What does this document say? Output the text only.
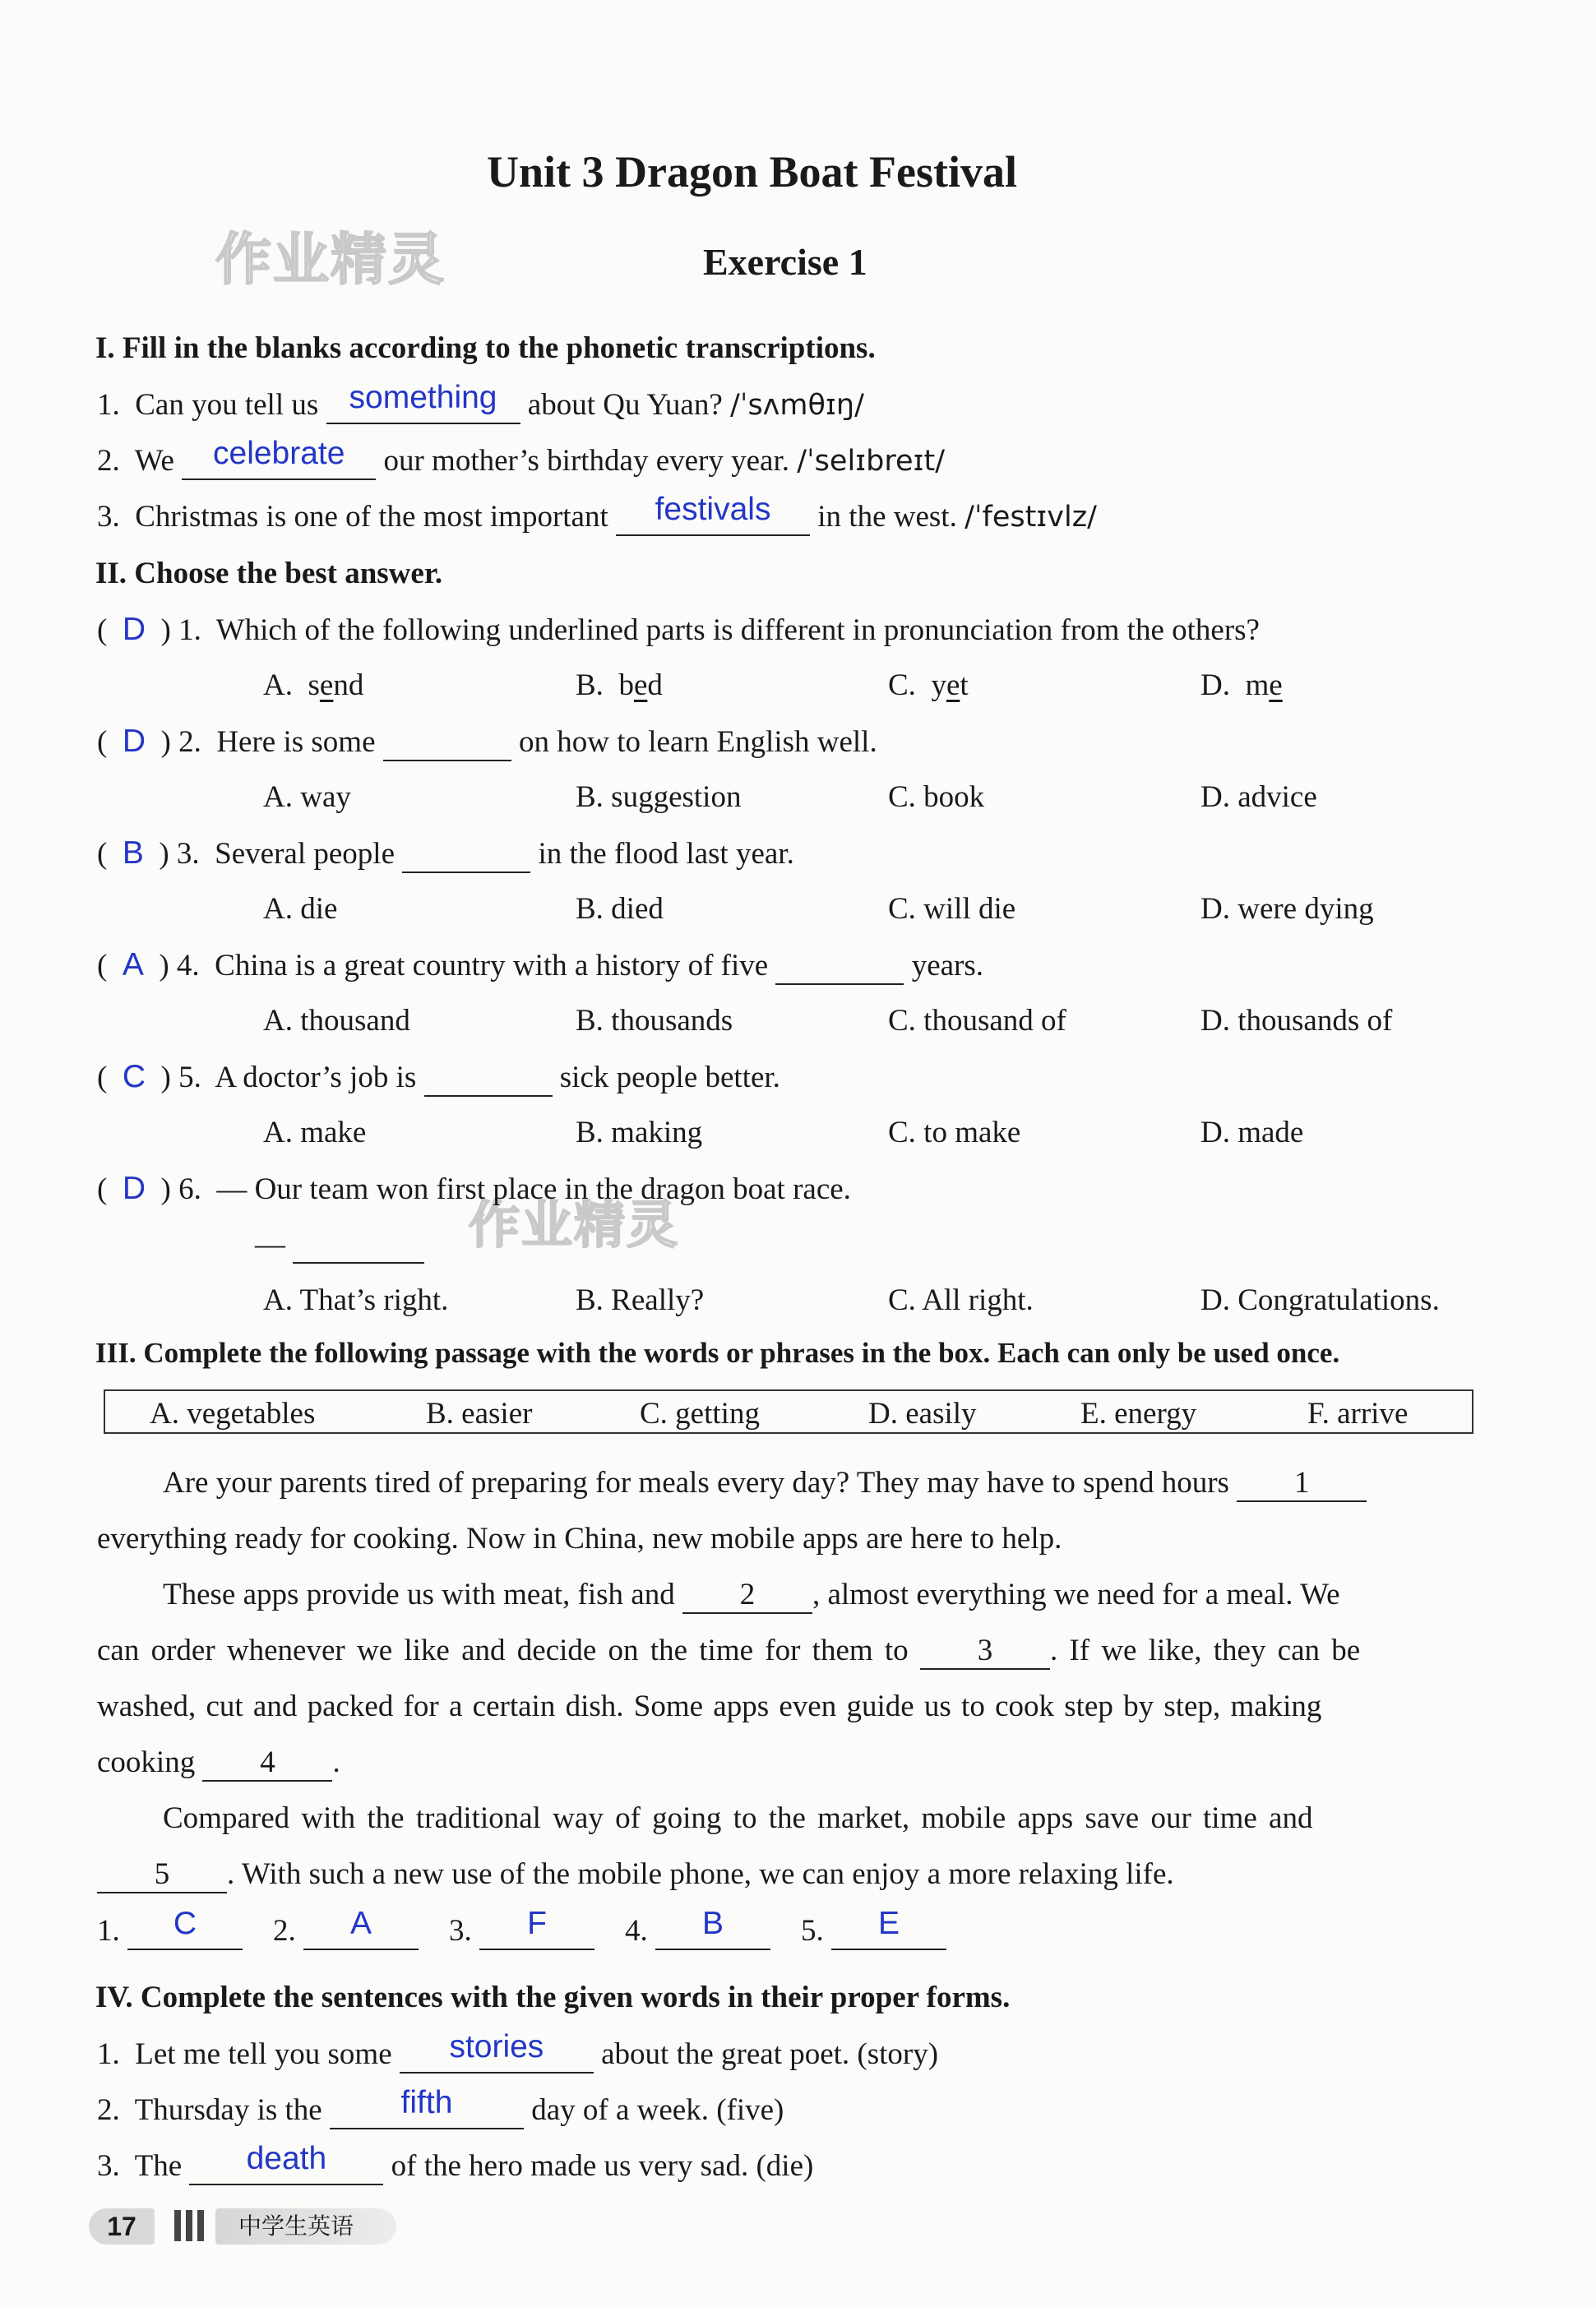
作业精灵
作业精灵
Unit 3 Dragon Boat Festival
Exercise 1
I. Fill in the blanks according to the phonetic transcriptions.
1. Can you tell us something about Qu Yuan? /ˈsʌmθɪŋ/
2. We celebrate our mother’s birthday every year. /ˈselɪbreɪt/
3. Christmas is one of the most important festivals in the west. /ˈfestɪvlz/
II. Choose the best answer.
(  D  ) 1. Which of the following underlined parts is different in pronunciation from the others?
A. send	B. bed	C. yet	D. me
(  D  ) 2. Here is some	on how to learn English well.
A. way	B. suggestion	C. book	D. advice
(  B  ) 3. Several people	in the flood last year.
A. die	B. died	C. will die	D. were dying
(  A  ) 4. China is a great country with a history of five	years.
A. thousand	B. thousands	C. thousand of	D. thousands of
(  C  ) 5. A doctor’s job is	sick people better.
A. make	B. making	C. to make	D. made
(  D  ) 6. — Our team won first place in the dragon boat race.
—
A. That’s right.	B. Really?	C. All right.	D. Congratulations.
III. Complete the following passage with the words or phrases in the box. Each can only be used once.
A. vegetables	B. easier	C. getting	D. easily	E. energy	F. arrive
Are your parents tired of preparing for meals every day? They may have to spend hours 1
everything ready for cooking. Now in China, new mobile apps are here to help.
These apps provide us with meat, fish and 2 , almost everything we need for a meal. We
can order whenever we like and decide on the time for them to 3 . If we like, they can be
washed, cut and packed for a certain dish. Some apps even guide us to cook step by step, making
cooking 4 .
Compared with the traditional way of going to the market, mobile apps save our time and
5 . With such a new use of the mobile phone, we can enjoy a more relaxing life.
1. C	2. A	3. F	4. B	5. E
IV. Complete the sentences with the given words in their proper forms.
1. Let me tell you some stories about the great poet. (story)
2. Thursday is the fifth	day of a week. (five)
3. The death of the hero made us very sad. (die)
17	中学生英语
